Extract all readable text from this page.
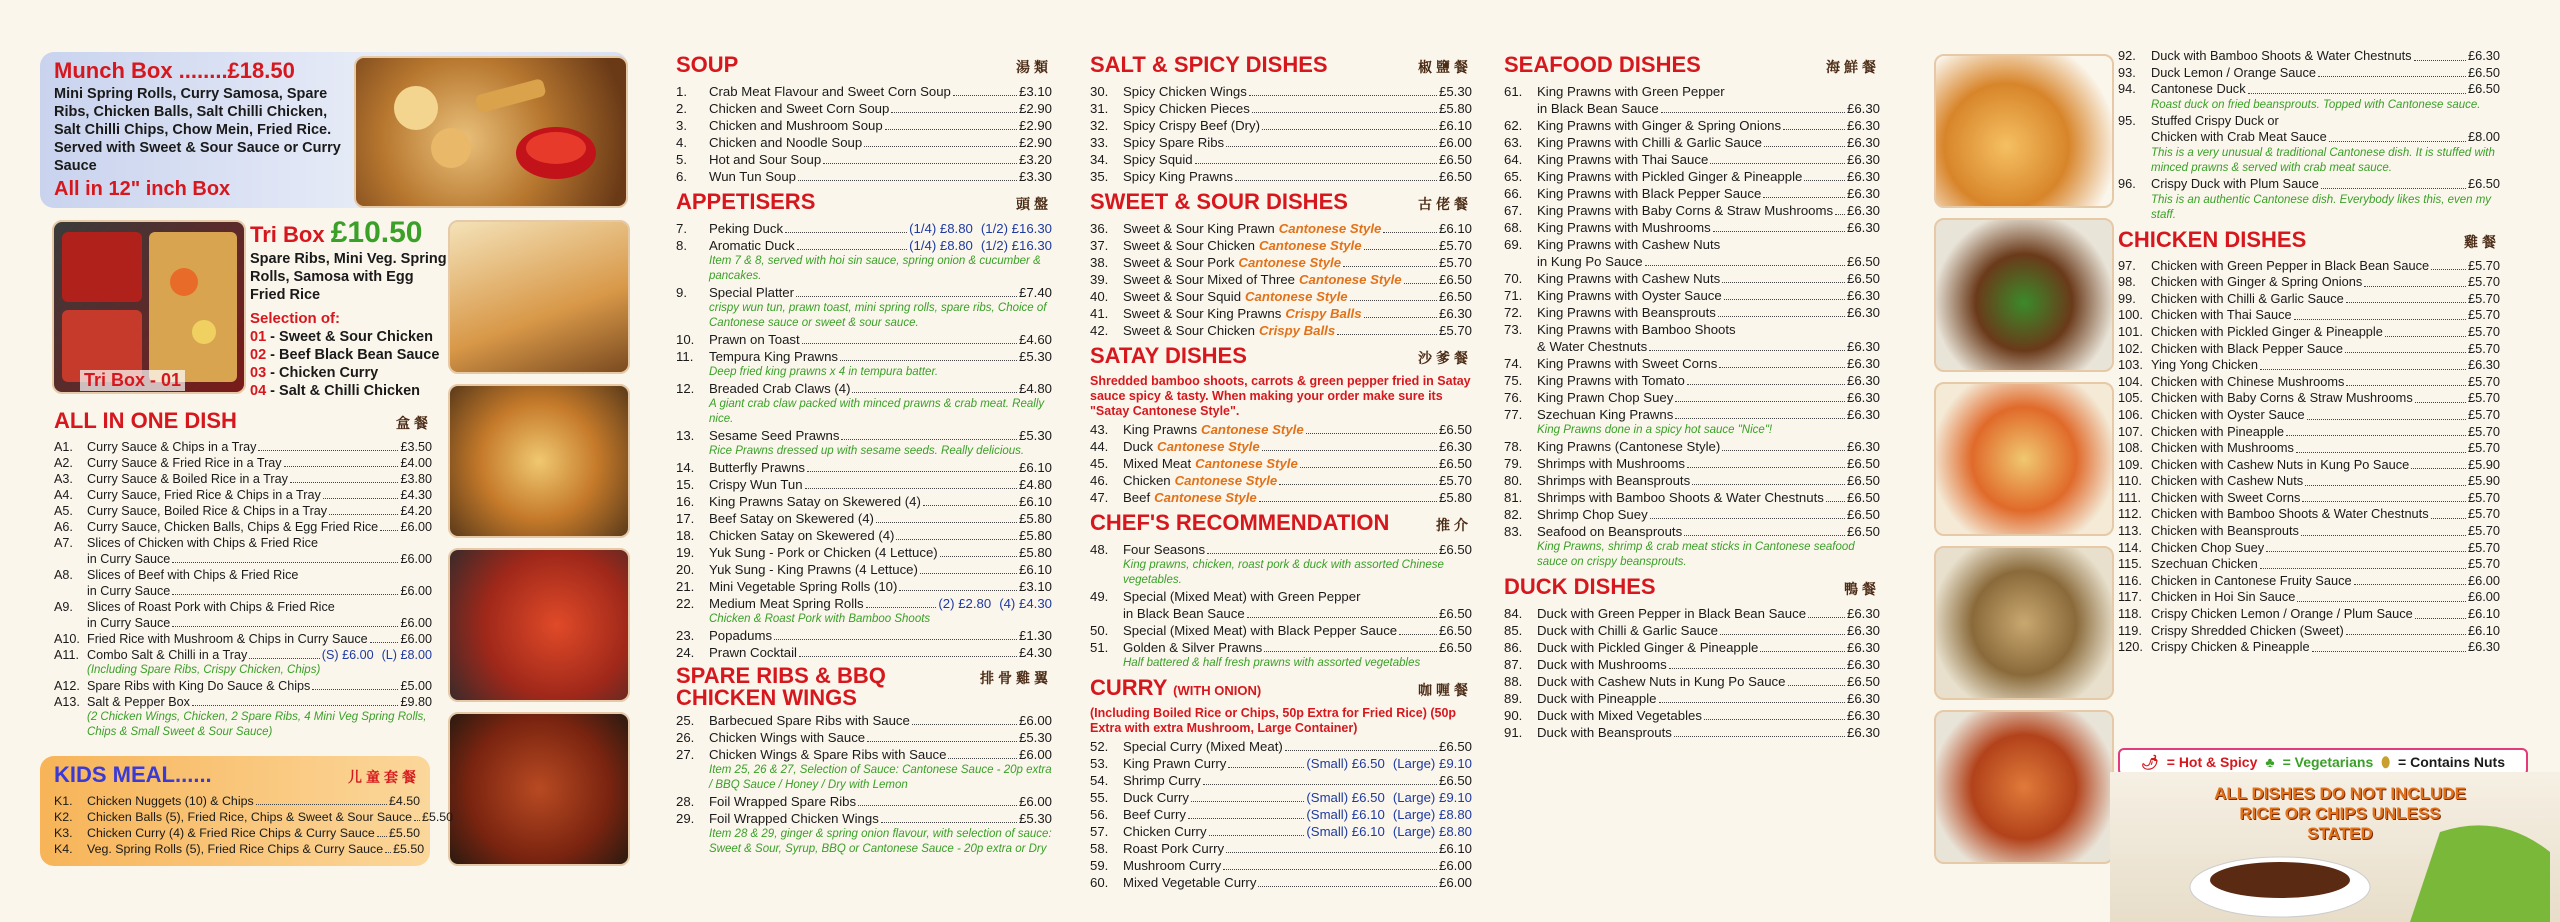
Munch Box ........£18.50
Mini Spring Rolls, Curry Samosa, Spare Ribs, Chicken Balls, Salt Chilli Chicken, Salt Chilli Chips, Chow Mein, Fried Rice. Served with Sweet & Sour Sauce or Curry Sauce
All in 12" inch Box
Tri Box - 01
Tri Box £10.50
Spare Ribs, Mini Veg. Spring Rolls, Samosa with Egg Fried Rice
Selection of:
01 - Sweet & Sour Chicken
02 - Beef Black Bean Sauce
03 - Chicken Curry
04 - Salt & Chilli Chicken
ALL IN ONE DISH	盒餐
A1.	Curry Sauce & Chips in a Tray	£3.50
A2.	Curry Sauce & Fried Rice in a Tray	£4.00
A3.	Curry Sauce & Boiled Rice in a Tray	£3.80
A4.	Curry Sauce, Fried Rice & Chips in a Tray	£4.30
A5.	Curry Sauce, Boiled Rice & Chips in a Tray	£4.20
A6.	Curry Sauce, Chicken Balls, Chips & Egg Fried Rice £6.00
A7.	Slices of Chicken with Chips & Fried Rice
in Curry Sauce	£6.00
A8.	Slices of Beef with Chips & Fried Rice
in Curry Sauce	£6.00
A9.	Slices of Roast Pork with Chips & Fried Rice
in Curry Sauce	£6.00
A10. Fried Rice with Mushroom & Chips in Curry Sauce	£6.00
A11. Combo Salt & Chilli in a Tray	(S) £6.00 (L) £8.00
(Including Spare Ribs, Crispy Chicken, Chips)
A12. Spare Ribs with King Do Sauce & Chips	£5.00
A13. Salt & Pepper Box	£9.80
(2 Chicken Wings, Chicken, 2 Spare Ribs, 4 Mini Veg Spring Rolls, Chips & Small Sweet & Sour Sauce)
KIDS MEAL......	儿童套餐
K1.	Chicken Nuggets (10) & Chips	£4.50
K2.	Chicken Balls (5), Fried Rice, Chips & Sweet & Sour Sauce £5.50
K3.	Chicken Curry (4) & Fried Rice Chips & Curry Sauce £5.50
K4.	Veg. Spring Rolls (5), Fried Rice Chips & Curry Sauce £5.50
SOUP	湯類
1.	Crab Meat Flavour and Sweet Corn Soup	£3.10
2.	Chicken and Sweet Corn Soup	£2.90
3.	Chicken and Mushroom Soup	£2.90
4.	Chicken and Noodle Soup	£2.90
5.	Hot and Sour Soup	£3.20
6.	Wun Tun Soup	£3.30
APPETISERS	頭盤
7.	Peking Duck	(1/4) £8.80 (1/2) £16.30
8.	Aromatic Duck	(1/4) £8.80 (1/2) £16.30
Item 7 & 8, served with hoi sin sauce, spring onion & cucumber & pancakes.
9.	Special Platter	£7.40
crispy wun tun, prawn toast, mini spring rolls, spare ribs, Choice of Cantonese sauce or sweet & sour sauce.
10.	Prawn on Toast	£4.60
11.	Tempura King Prawns	£5.30
Deep fried king prawns x 4 in tempura batter.
12.	Breaded Crab Claws (4)	£4.80
A giant crab claw packed with minced prawns & crab meat. Really nice.
13.	Sesame Seed Prawns	£5.30
Rice Prawns dressed up with sesame seeds. Really delicious.
14.	Butterfly Prawns	£6.10
15.	Crispy Wun Tun	£4.80
16.	King Prawns Satay on Skewered (4)	£6.10
17.	Beef Satay on Skewered (4)	£5.80
18.	Chicken Satay on Skewered (4)	£5.80
19.	Yuk Sung - Pork or Chicken (4 Lettuce)	£5.80
20.	Yuk Sung - King Prawns (4 Lettuce)	£6.10
21.	Mini Vegetable Spring Rolls (10)	£3.10
22.	Medium Meat Spring Rolls	(2) £2.80 (4) £4.30
Chicken & Roast Pork with Bamboo Shoots
23.	Popadums	£1.30
24.	Prawn Cocktail	£4.30
SPARE RIBS & BBQ CHICKEN WINGS
排骨雞翼
25.	Barbecued Spare Ribs with Sauce	£6.00
26.	Chicken Wings with Sauce	£5.30
27.	Chicken Wings & Spare Ribs with Sauce	£6.00
Item 25, 26 & 27, Selection of Sauce: Cantonese Sauce - 20p extra / BBQ Sauce / Honey / Dry with Lemon
28.	Foil Wrapped Spare Ribs	£6.00
29.	Foil Wrapped Chicken Wings	£5.30
Item 28 & 29, ginger & spring onion flavour, with selection of sauce: Sweet & Sour, Syrup, BBQ or Cantonese Sauce - 20p extra or Dry
SALT & SPICY DISHES	椒鹽餐
30.	Spicy Chicken Wings	£5.30
31.	Spicy Chicken Pieces	£5.80
32.	Spicy Crispy Beef (Dry)	£6.10
33.	Spicy Spare Ribs	£6.00
34.	Spicy Squid	£6.50
35.	Spicy King Prawns	£6.50
SWEET & SOUR DISHES	古佬餐
36.	Sweet & Sour King Prawn Cantonese Style	£6.10
37.	Sweet & Sour Chicken Cantonese Style	£5.70
38.	Sweet & Sour Pork Cantonese Style	£5.70
39.	Sweet & Sour Mixed of Three Cantonese Style	£6.50
40.	Sweet & Sour Squid Cantonese Style	£6.50
41.	Sweet & Sour King Prawns Crispy Balls	£6.30
42.	Sweet & Sour Chicken Crispy Balls	£5.70
SATAY DISHES	沙爹餐
Shredded bamboo shoots, carrots & green pepper fried in Satay sauce spicy & tasty. When making your order make sure its "Satay Cantonese Style".
43.	King Prawns Cantonese Style	£6.50
44.	Duck Cantonese Style	£6.30
45.	Mixed Meat Cantonese Style	£6.50
46.	Chicken Cantonese Style	£5.70
47.	Beef Cantonese Style	£5.80
CHEF'S RECOMMENDATION	推介
48.	Four Seasons	£6.50
King prawns, chicken, roast pork & duck with assorted Chinese vegetables.
49.	Special (Mixed Meat) with Green Pepper
in Black Bean Sauce	£6.50
50.	Special (Mixed Meat) with Black Pepper Sauce	£6.50
51.	Golden & Silver Prawns	£6.50
Half battered & half fresh prawns with assorted vegetables
CURRY (WITH ONION)	咖喱餐
(Including Boiled Rice or Chips, 50p Extra for Fried Rice) (50p Extra with extra Mushroom, Large Container)
52.	Special Curry (Mixed Meat)	£6.50
53.	King Prawn Curry	(Small) £6.50 (Large) £9.10
54.	Shrimp Curry	£6.50
55.	Duck Curry	(Small) £6.50 (Large) £9.10
56.	Beef Curry	(Small) £6.10 (Large) £8.80
57.	Chicken Curry	(Small) £6.10 (Large) £8.80
58.	Roast Pork Curry	£6.10
59.	Mushroom Curry	£6.00
60.	Mixed Vegetable Curry	£6.00
SEAFOOD DISHES	海鮮餐
61.	King Prawns with Green Pepper
in Black Bean Sauce	£6.30
62.	King Prawns with Ginger & Spring Onions	£6.30
63.	King Prawns with Chilli & Garlic Sauce	£6.30
64.	King Prawns with Thai Sauce	£6.30
65.	King Prawns with Pickled Ginger & Pineapple	£6.30
66.	King Prawns with Black Pepper Sauce	£6.30
67.	King Prawns with Baby Corns & Straw Mushrooms £6.30
68.	King Prawns with Mushrooms	£6.30
69.	King Prawns with Cashew Nuts
in Kung Po Sauce	£6.50
70.	King Prawns with Cashew Nuts	£6.50
71.	King Prawns with Oyster Sauce	£6.30
72.	King Prawns with Beansprouts	£6.30
73.	King Prawns with Bamboo Shoots
& Water Chestnuts	£6.30
74.	King Prawns with Sweet Corns	£6.30
75.	King Prawns with Tomato	£6.30
76.	King Prawn Chop Suey	£6.30
77.	Szechuan King Prawns	£6.30
King Prawns done in a spicy hot sauce "Nice"!
78.	King Prawns (Cantonese Style)	£6.30
79.	Shrimps with Mushrooms	£6.50
80.	Shrimps with Beansprouts	£6.50
81.	Shrimps with Bamboo Shoots & Water Chestnuts £6.50
82.	Shrimp Chop Suey	£6.50
83.	Seafood on Beansprouts	£6.50
King Prawns, shrimp & crab meat sticks in Cantonese seafood sauce on crispy beansprouts.
DUCK DISHES	鴨餐
84.	Duck with Green Pepper in Black Bean Sauce	£6.30
85.	Duck with Chilli & Garlic Sauce	£6.30
86.	Duck with Pickled Ginger & Pineapple	£6.30
87.	Duck with Mushrooms	£6.30
88.	Duck with Cashew Nuts in Kung Po Sauce	£6.50
89.	Duck with Pineapple	£6.30
90.	Duck with Mixed Vegetables	£6.30
91.	Duck with Beansprouts	£6.30
92.	Duck with Bamboo Shoots & Water Chestnuts	£6.30
93.	Duck Lemon / Orange Sauce	£6.50
94.	Cantonese Duck	£6.50
Roast duck on fried beansprouts. Topped with Cantonese sauce.
95.	Stuffed Crispy Duck or
Chicken with Crab Meat Sauce	£8.00
This is a very unusual & traditional Cantonese dish. It is stuffed with minced prawns & served with crab meat sauce.
96.	Crispy Duck with Plum Sauce	£6.50
This is an authentic Cantonese dish. Everybody likes this, even my staff.
CHICKEN DISHES	雞餐
97.	Chicken with Green Pepper in Black Bean Sauce	£5.70
98.	Chicken with Ginger & Spring Onions	£5.70
99.	Chicken with Chilli & Garlic Sauce	£5.70
100. Chicken with Thai Sauce	£5.70
101. Chicken with Pickled Ginger & Pineapple	£5.70
102. Chicken with Black Pepper Sauce	£5.70
103. Ying Yong Chicken	£6.30
104. Chicken with Chinese Mushrooms	£5.70
105. Chicken with Baby Corns & Straw Mushrooms	£5.70
106. Chicken with Oyster Sauce	£5.70
107. Chicken with Pineapple	£5.70
108. Chicken with Mushrooms	£5.70
109. Chicken with Cashew Nuts in Kung Po Sauce	£5.90
110. Chicken with Cashew Nuts	£5.90
111. Chicken with Sweet Corns	£5.70
112. Chicken with Bamboo Shoots & Water Chestnuts	£5.70
113. Chicken with Beansprouts	£5.70
114. Chicken Chop Suey	£5.70
115. Szechuan Chicken	£5.70
116. Chicken in Cantonese Fruity Sauce	£6.00
117. Chicken in Hoi Sin Sauce	£6.00
118. Crispy Chicken Lemon / Orange / Plum Sauce	£6.10
119. Crispy Shredded Chicken (Sweet)	£6.10
120. Crispy Chicken & Pineapple	£6.30
🌶 = Hot & Spicy ♣ = Vegetarians ⬮ = Contains Nuts
ALL DISHES DO NOT INCLUDE RICE OR CHIPS UNLESS STATED
